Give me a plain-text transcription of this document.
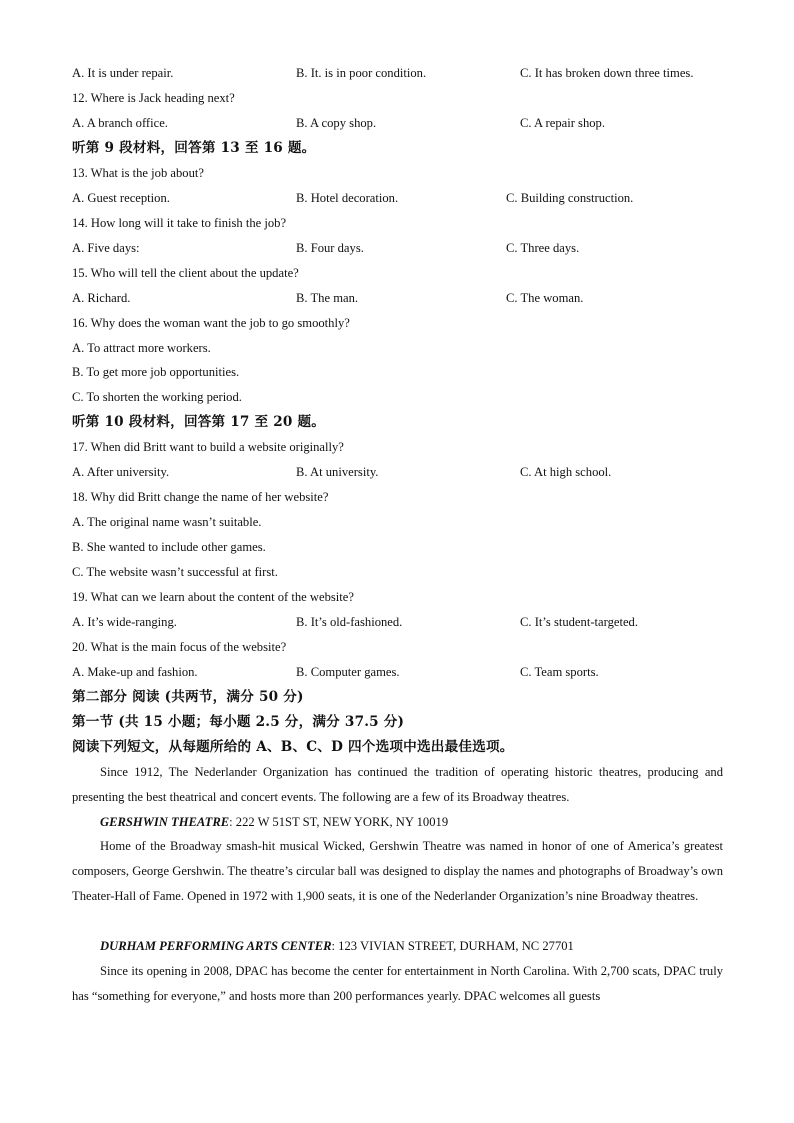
A. It is under repair.	B. It. is in poor condition.	C. It has broken down three times.
12. Where is Jack heading next?
A. A branch office.	B. A copy shop.	C. A repair shop.
听第 9 段材料，回答第 13 至 16 题。
13. What is the job about?
A. Guest reception.	B. Hotel decoration.	C. Building construction.
14. How long will it take to finish the job?
A. Five days:	B. Four days.	C. Three days.
15. Who will tell the client about the update?
A. Richard.	B. The man.	C. The woman.
16. Why does the woman want the job to go smoothly?
A. To attract more workers.
B. To get more job opportunities.
C. To shorten the working period.
听第 10 段材料，回答第 17 至 20 题。
17. When did Britt want to build a website originally?
A. After university.	B. At university.	C. At high school.
18. Why did Britt change the name of her website?
A. The original name wasn’t suitable.
B. She wanted to include other games.
C. The website wasn’t successful at first.
19. What can we learn about the content of the website?
A. It’s wide-ranging.	B. It’s old-fashioned.	C. It’s student-targeted.
20. What is the main focus of the website?
A. Make-up and fashion.	B. Computer games.	C. Team sports.
第二部分 阅读 (共两节，满分 50 分)
第一节 (共 15 小题；每小题 2.5 分，满分 37.5 分)
阅读下列短文，从每题所给的 A、B、C、D 四个选项中选出最佳选项。

Since 1912, The Nederlander Organization has continued the tradition of operating historic theatres, producing and presenting the best theatrical and concert events. The following are a few of its Broadway theatres.

GERSHWIN THEATRE: 222 W 51ST ST, NEW YORK, NY 10019

Home of the Broadway smash-hit musical Wicked, Gershwin Theatre was named in honor of one of America’s greatest composers, George Gershwin. The theatre’s circular ball was designed to display the names and photographs of Broadway’s own Theater-Hall of Fame. Opened in 1972 with 1,900 seats, it is one of the Nederlander Organization’s nine Broadway theatres.

DURHAM PERFORMING ARTS CENTER: 123 VIVIAN STREET, DURHAM, NC 27701

Since its opening in 2008, DPAC has become the center for entertainment in North Carolina. With 2,700 scats, DPAC truly has “something for everyone,” and hosts more than 200 performances yearly. DPAC welcomes all guests
